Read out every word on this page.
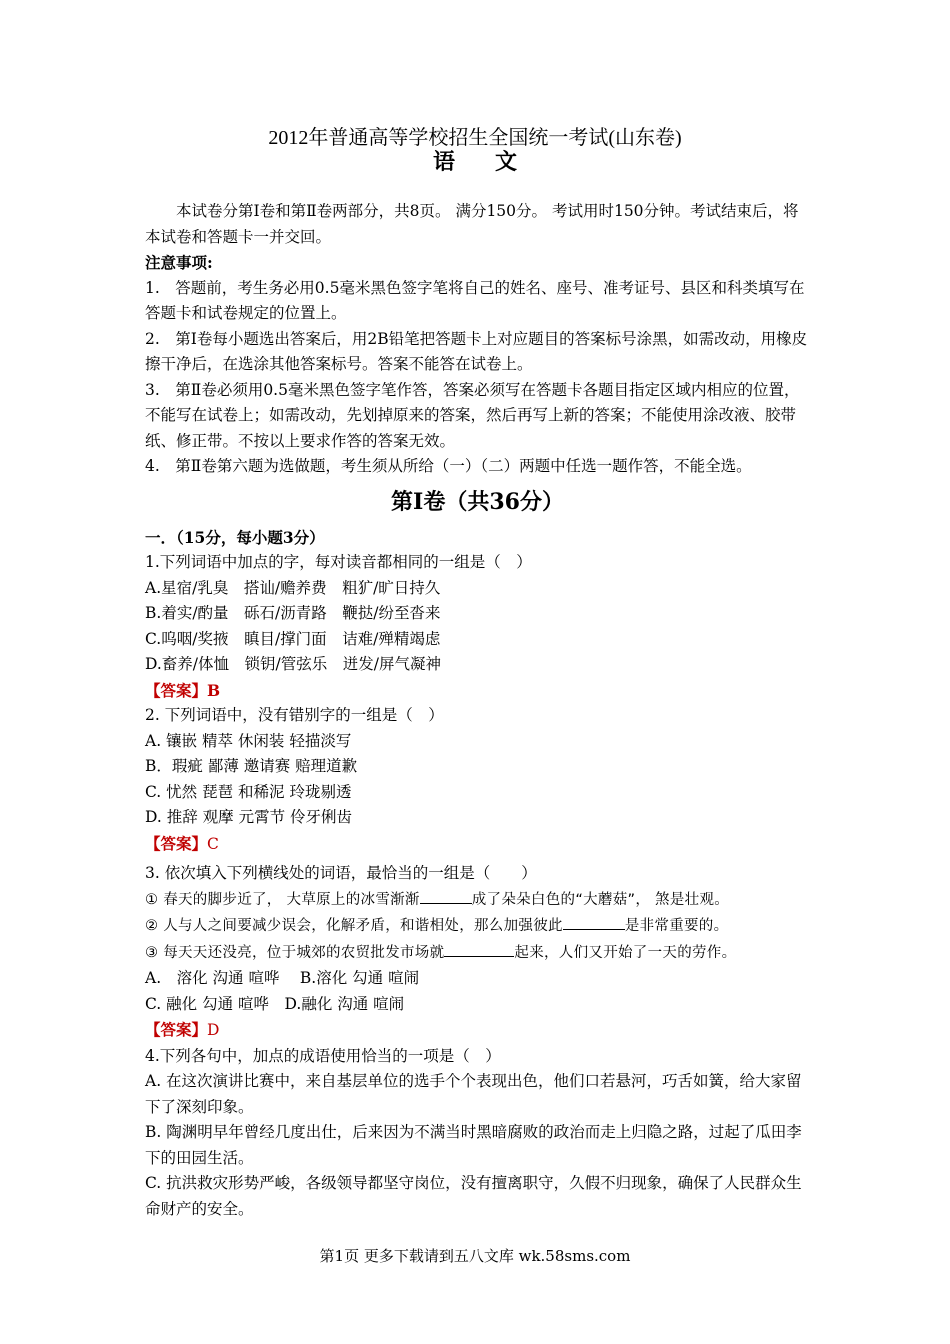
2012年普通高等学校招生全国统一考试(山东卷)
语文

本试卷分第Ⅰ卷和第Ⅱ卷两部分，共8页。 满分150分。 考试用时150分钟。考试结束后，将本试卷和答题卡一并交回。

注意事项:

1.　答题前，考生务必用0.5毫米黑色签字笔将自己的姓名、座号、准考证号、县区和科类填写在答题卡和试卷规定的位置上。

2.　第Ⅰ卷每小题选出答案后，用2B铅笔把答题卡上对应题目的答案标号涂黑，如需改动，用橡皮擦干净后，在选涂其他答案标号。答案不能答在试卷上。

3.　第Ⅱ卷必须用0.5毫米黑色签字笔作答，答案必须写在答题卡各题目指定区域内相应的位置，不能写在试卷上；如需改动，先划掉原来的答案，然后再写上新的答案；不能使用涂改液、胶带纸、修正带。不按以上要求作答的答案无效。

4.　第Ⅱ卷第六题为选做题，考生须从所给（一）（二）两题中任选一题作答，不能全选。

第Ⅰ卷（共36分）

一．（15分，每小题3分）

1.下列词语中加点的字，每对读音都相同的一组是（　）

A.星宿/乳臭　搭讪/赡养费　粗犷/旷日持久

B.着实/酌量　砾石/沥青路　鞭挞/纷至沓来

C.呜咽/奖掖　瞋目/撑门面　诘难/殚精竭虑

D.畜养/体恤　锁钥/管弦乐　迸发/屏气凝神

【答案】B

2. 下列词语中，没有错别字的一组是（　）

A. 镶嵌 精萃 休闲装 轻描淡写

B．瑕疵 鄙薄 邀请赛 赔理道歉

C. 忧然 琵琶 和稀泥 玲珑剔透

D. 推辞 观摩 元霄节 伶牙俐齿

【答案】C

3. 依次填入下列横线处的词语，最恰当的一组是（　　）

① 春天的脚步近了， 大草原上的冰雪渐渐	成了朵朵白色的“大蘑菇”， 煞是壮观。

② 人与人之间要减少误会，化解矛盾，和谐相处，那么加强彼此	是非常重要的。

③ 每天天还没亮，位于城郊的农贸批发市场就	起来，人们又开始了一天的劳作。

A.　溶化 沟通 喧哗　 B.溶化 勾通 喧闹

C. 融化 勾通 喧哗　D.融化 沟通 喧闹

【答案】D

4.下列各句中，加点的成语使用恰当的一项是（　）

A. 在这次演讲比赛中，来自基层单位的选手个个表现出色，他们口若悬河，巧舌如簧，给大家留下了深刻印象。

B. 陶渊明早年曾经几度出仕，后来因为不满当时黑暗腐败的政治而走上归隐之路，过起了瓜田李下的田园生活。

C. 抗洪救灾形势严峻，各级领导都坚守岗位，没有擅离职守，久假不归现象，确保了人民群众生命财产的安全。

第1页 更多下载请到五八文库 wk.58sms.com
